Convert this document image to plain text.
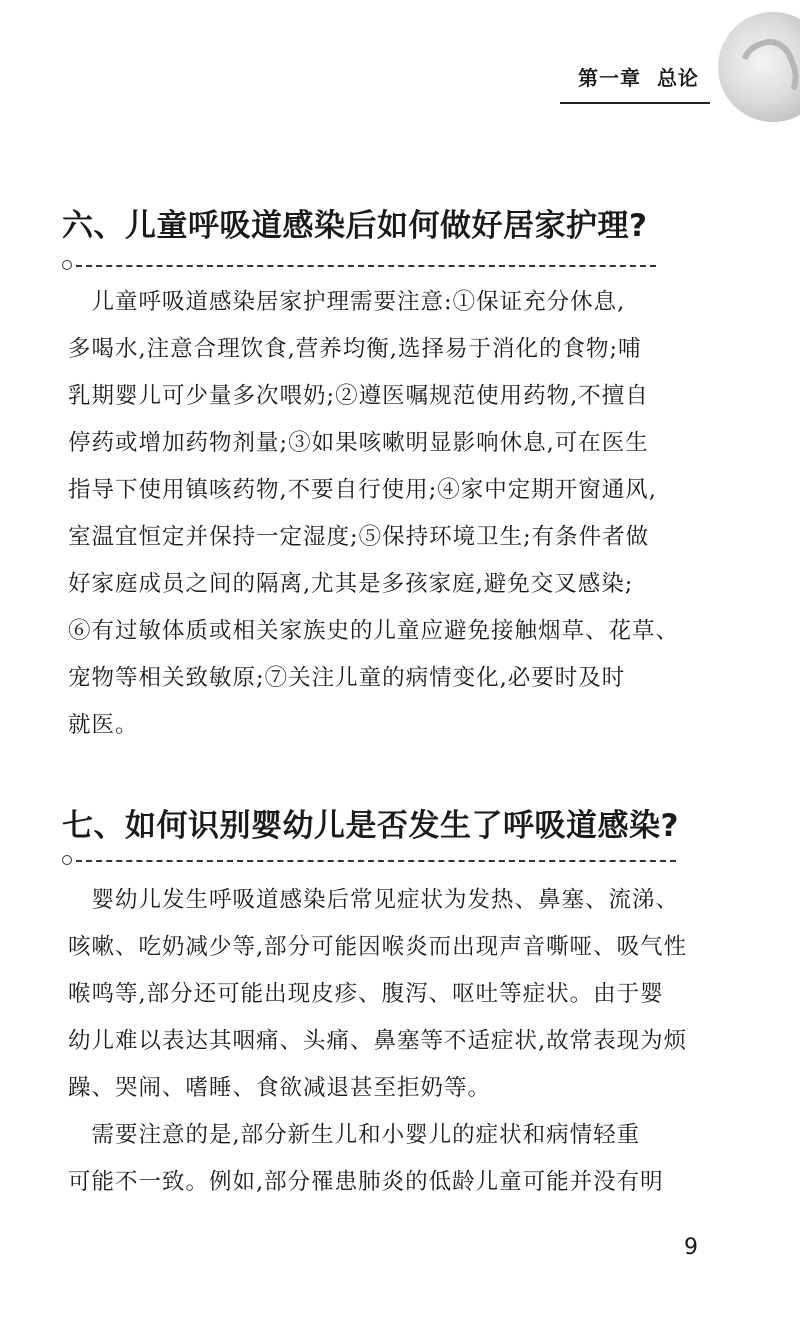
第一章 总论
六、儿童呼吸道感染后如何做好居家护理?
　儿童呼吸道感染居家护理需要注意:①保证充分休息,
多喝水,注意合理饮食,营养均衡,选择易于消化的食物;哺
乳期婴儿可少量多次喂奶;②遵医嘱规范使用药物,不擅自
停药或增加药物剂量;③如果咳嗽明显影响休息,可在医生
指导下使用镇咳药物,不要自行使用;④家中定期开窗通风,
室温宜恒定并保持一定湿度;⑤保持环境卫生;有条件者做
好家庭成员之间的隔离,尤其是多孩家庭,避免交叉感染;
⑥有过敏体质或相关家族史的儿童应避免接触烟草、花草、
宠物等相关致敏原;⑦关注儿童的病情变化,必要时及时
就医。
七、如何识别婴幼儿是否发生了呼吸道感染?
　婴幼儿发生呼吸道感染后常见症状为发热、鼻塞、流涕、
咳嗽、吃奶减少等,部分可能因喉炎而出现声音嘶哑、吸气性
喉鸣等,部分还可能出现皮疹、腹泻、呕吐等症状。由于婴
幼儿难以表达其咽痛、头痛、鼻塞等不适症状,故常表现为烦
躁、哭闹、嗜睡、食欲减退甚至拒奶等。
　需要注意的是,部分新生儿和小婴儿的症状和病情轻重
可能不一致。例如,部分罹患肺炎的低龄儿童可能并没有明
9
